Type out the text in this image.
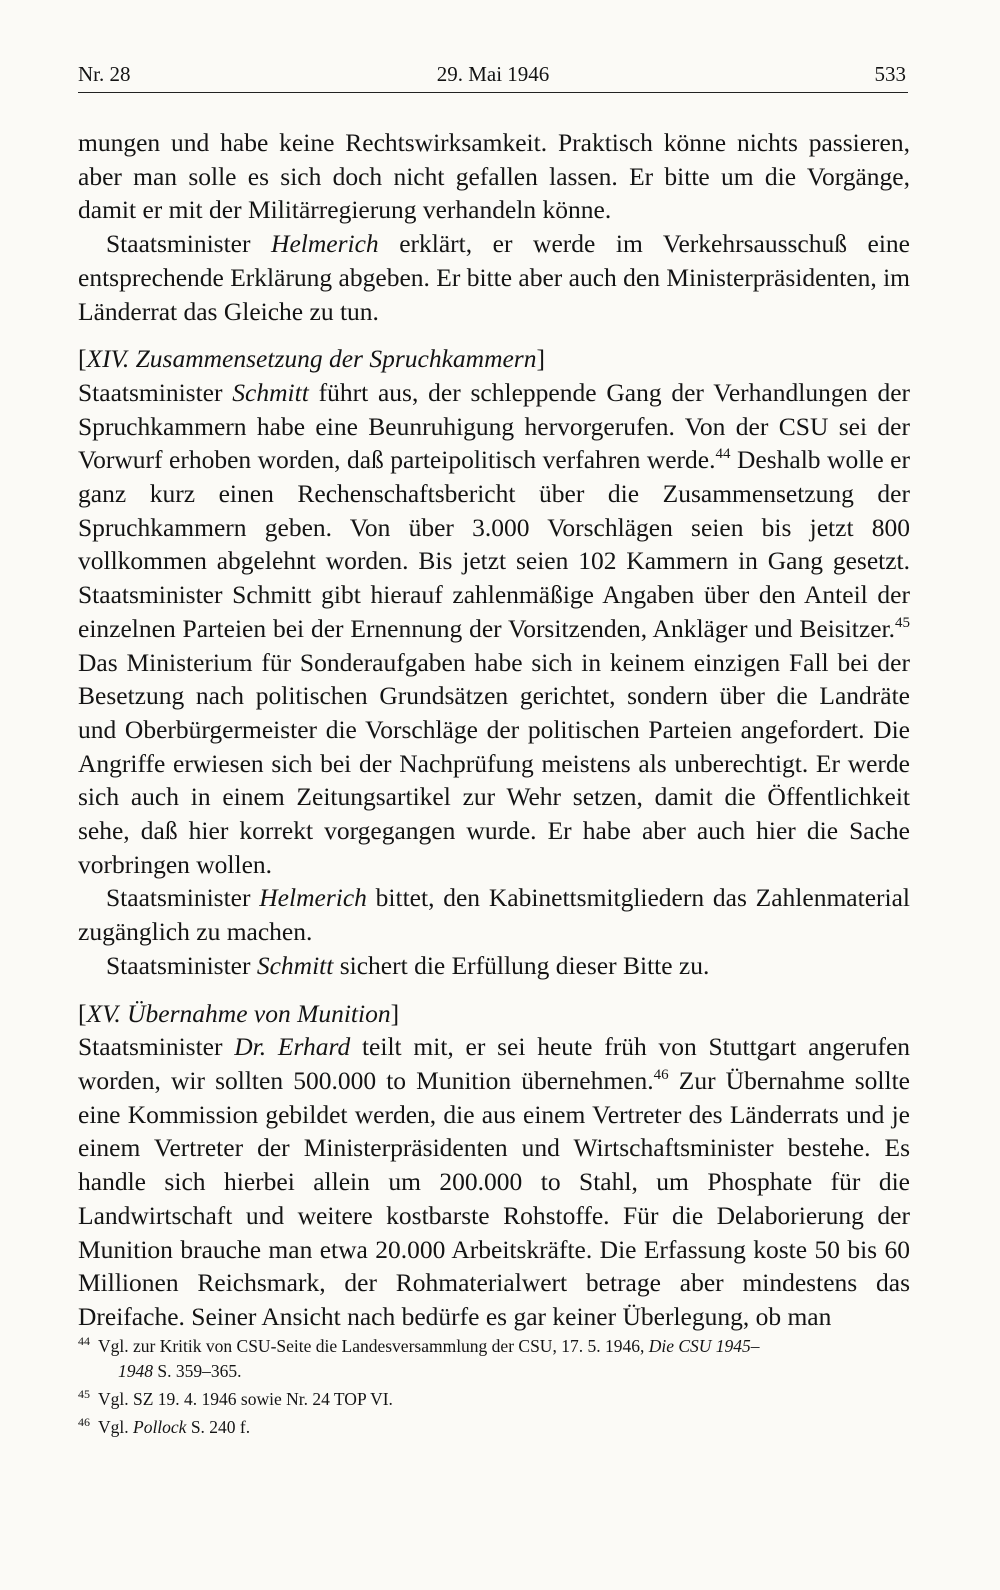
Nr. 28	29. Mai 1946	533

mungen und habe keine Rechtswirksamkeit. Praktisch könne nichts passieren, aber man solle es sich doch nicht gefallen lassen. Er bitte um die Vorgänge, damit er mit der Militärregierung verhandeln könne.

Staatsminister Helmerich erklärt, er werde im Verkehrsausschuß eine entsprechende Erklärung abgeben. Er bitte aber auch den Ministerpräsidenten, im Länderrat das Gleiche zu tun.

[XIV. Zusammensetzung der Spruchkammern]

Staatsminister Schmitt führt aus, der schleppende Gang der Verhandlungen der Spruchkammern habe eine Beunruhigung hervorgerufen. Von der CSU sei der Vorwurf erhoben worden, daß parteipolitisch verfahren werde.$^{44}$ Deshalb wolle er ganz kurz einen Rechenschaftsbericht über die Zusammensetzung der Spruchkammern geben. Von über 3.000 Vorschlägen seien bis jetzt 800 vollkommen abgelehnt worden. Bis jetzt seien 102 Kammern in Gang gesetzt. Staatsminister Schmitt gibt hierauf zahlenmäßige Angaben über den Anteil der einzelnen Parteien bei der Ernennung der Vorsitzenden, Ankläger und Beisitzer.$^{45}$ Das Ministerium für Sonderaufgaben habe sich in keinem einzigen Fall bei der Besetzung nach politischen Grundsätzen gerichtet, sondern über die Landräte und Oberbürgermeister die Vorschläge der politischen Parteien angefordert. Die Angriffe erwiesen sich bei der Nachprüfung meistens als unberechtigt. Er werde sich auch in einem Zeitungsartikel zur Wehr setzen, damit die Öffentlichkeit sehe, daß hier korrekt vorgegangen wurde. Er habe aber auch hier die Sache vorbringen wollen.

Staatsminister Helmerich bittet, den Kabinettsmitgliedern das Zahlenmaterial zugänglich zu machen.

Staatsminister Schmitt sichert die Erfüllung dieser Bitte zu.

[XV. Übernahme von Munition]

Staatsminister Dr. Erhard teilt mit, er sei heute früh von Stuttgart angerufen worden, wir sollten 500.000 to Munition übernehmen.$^{46}$ Zur Übernahme sollte eine Kommission gebildet werden, die aus einem Vertreter des Länderrats und je einem Vertreter der Ministerpräsidenten und Wirtschaftsminister bestehe. Es handle sich hierbei allein um 200.000 to Stahl, um Phosphate für die Landwirtschaft und weitere kostbarste Rohstoffe. Für die Delaborierung der Munition brauche man etwa 20.000 Arbeitskräfte. Die Erfassung koste 50 bis 60 Millionen Reichsmark, der Rohmaterialwert betrage aber mindestens das Dreifache. Seiner Ansicht nach bedürfe es gar keiner Überlegung, ob man

$^{44}$ Vgl. zur Kritik von CSU-Seite die Landesversammlung der CSU, 17. 5. 1946, Die CSU 1945–
1948 S. 359–365.

$^{45}$ Vgl. SZ 19. 4. 1946 sowie Nr. 24 TOP VI.

$^{46}$ Vgl. Pollock S. 240 f.
